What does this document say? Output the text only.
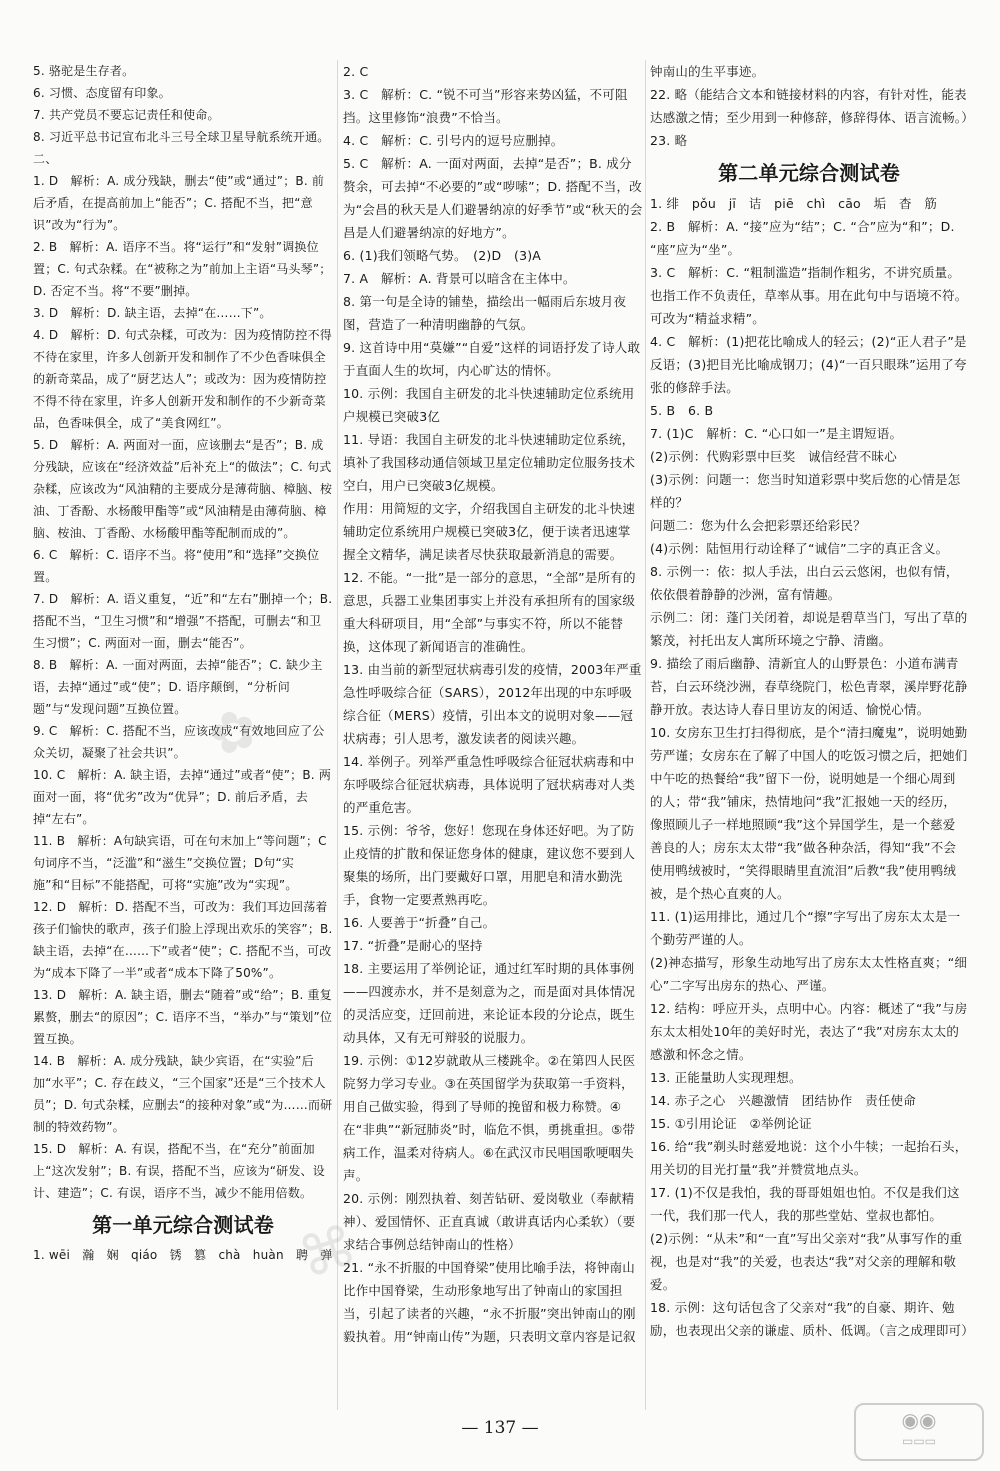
5. 骆驼是生存者。

6. 习惯、态度留有印象。

7. 共产党员不要忘记责任和使命。

8. 习近平总书记宣布北斗三号全球卫星导航系统开通。

二、

1. D　解析：A. 成分残缺，删去“使”或“通过”；B. 前后矛盾，在提高前加上“能否”；C. 搭配不当，把“意识”改为“行为”。

2. B　解析：A. 语序不当。将“运行”和“发射”调换位置；C. 句式杂糅。在“被称之为”前加上主语“马头琴”；D. 否定不当。将“不要”删掉。

3. D　解析：D. 缺主语，去掉“在……下”。

4. D　解析：D. 句式杂糅，可改为：因为疫情防控不得不待在家里，许多人创新开发和制作了不少色香味俱全的新奇菜品，成了“厨艺达人”；或改为：因为疫情防控不得不待在家里，许多人创新开发和制作的不少新奇菜品，色香味俱全，成了“美食网红”。

5. D　解析：A. 两面对一面，应该删去“是否”；B. 成分残缺，应该在“经济效益”后补充上“的做法”；C. 句式杂糅，应该改为“风油精的主要成分是薄荷脑、樟脑、桉油、丁香酚、水杨酸甲酯等”或“风油精是由薄荷脑、樟脑、桉油、丁香酚、水杨酸甲酯等配制而成的”。

6. C　解析：C. 语序不当。将“使用”和“选择”交换位置。

7. D　解析：A. 语义重复，“近”和“左右”删掉一个；B. 搭配不当，“卫生习惯”和“增强”不搭配，可删去“和卫生习惯”；C. 两面对一面，删去“能否”。

8. B　解析：A. 一面对两面，去掉“能否”；C. 缺少主语，去掉“通过”或“使”；D. 语序颠倒，“分析问题”与“发现问题”互换位置。

9. C　解析：C. 搭配不当，应该改成“有效地回应了公众关切，凝聚了社会共识”。

10. C　解析：A. 缺主语，去掉“通过”或者“使”；B. 两面对一面，将“优劣”改为“优异”；D. 前后矛盾，去掉“左右”。

11. B　解析：A句缺宾语，可在句末加上“等问题”；C句词序不当，“泛滥”和“滋生”交换位置；D句“实施”和“目标”不能搭配，可将“实施”改为“实现”。

12. D　解析：D. 搭配不当，可改为：我们耳边回荡着孩子们愉快的歌声，孩子们脸上浮现出欢乐的笑容”；B. 缺主语，去掉“在……下”或者“使”；C. 搭配不当，可改为“成本下降了一半”或者“成本下降了50%”。

13. D　解析：A. 缺主语，删去“随着”或“给”；B. 重复累赘，删去“的原因”；C. 语序不当，“举办”与“策划”位置互换。

14. B　解析：A. 成分残缺，缺少宾语，在“实验”后加“水平”；C. 存在歧义，“三个国家”还是“三个技术人员”；D. 句式杂糅，应删去“的接种对象”或“为……而研制的特效药物”。

15. D　解析：A. 有误，搭配不当，在“充分”前面加上“这次发射”；B. 有误，搭配不当，应该为“研发、设计、建造”；C. 有误，语序不当，减少不能用倍数。

第一单元综合测试卷

1. wēi　瀚　娴　qiáo　锈　篡　chà　huàn　聘　弹

2. C

3. C　解析：C. “锐不可当”形容来势凶猛，不可阻挡。这里修饰“浪费”不恰当。

4. C　解析：C. 引号内的逗号应删掉。

5. C　解析：A. 一面对两面，去掉“是否”；B. 成分赘余，可去掉“不必要的”或“哕嗦”；D. 搭配不当，改为“会昌的秋天是人们避暑纳凉的好季节”或“秋天的会昌是人们避暑纳凉的好地方”。

6. (1)我们领略气势。　(2)D　(3)A

7. A　解析：A. 背景可以暗含在主体中。

8. 第一句是全诗的铺垫，描绘出一幅雨后东坡月夜图，营造了一种清明幽静的气氛。

9. 这首诗中用“莫嫌”“自爱”这样的词语抒发了诗人敢于直面人生的坎坷，内心旷达的情怀。

10. 示例：我国自主研发的北斗快速辅助定位系统用户规模已突破3亿

11. 导语：我国自主研发的北斗快速辅助定位系统，填补了我国移动通信领域卫星定位辅助定位服务技术空白，用户已突破3亿规模。
作用：用简短的文字，介绍我国自主研发的北斗快速辅助定位系统用户规模已突破3亿，便于读者迅速掌握全文精华，满足读者尽快获取最新消息的需要。

12. 不能。“一批”是一部分的意思，“全部”是所有的意思，兵器工业集团事实上并没有承担所有的国家级重大科研项目，用“全部”与事实不符，所以不能替换，这体现了新闻语言的准确性。

13. 由当前的新型冠状病毒引发的疫情，2003年严重急性呼吸综合征（SARS），2012年出现的中东呼吸综合征（MERS）疫情，引出本文的说明对象——冠状病毒；引人思考，激发读者的阅读兴趣。

14. 举例子。列举严重急性呼吸综合征冠状病毒和中东呼吸综合征冠状病毒，具体说明了冠状病毒对人类的严重危害。

15. 示例：爷爷，您好！您现在身体还好吧。为了防止疫情的扩散和保证您身体的健康，建议您不要到人聚集的场所，出门要戴好口罩，用肥皂和清水勤洗手，食物一定要煮熟再吃。

16. 人要善于“折叠”自己。

17. “折叠”是耐心的坚持

18. 主要运用了举例论证，通过红军时期的具体事例——四渡赤水，并不是刻意为之，而是面对具体情况的灵活应变，迂回前进，来论证本段的分论点，既生动具体，又有无可辩驳的说服力。

19. 示例：①12岁就敢从三楼跳伞。②在第四人民医院努力学习专业。③在英国留学为获取第一手资料，用自己做实验，得到了导师的挽留和极力称赞。④在“非典”“新冠肺炎”时，临危不惧，勇挑重担。⑤带病工作，温柔对待病人。⑥在武汉市民唱国歌哽咽失声。

20. 示例：刚烈执着、刻苦钻研、爱岗敬业（奉献精神）、爱国情怀、正直真诚（敢讲真话内心柔软）（要求结合事例总结钟南山的性格）

21. “永不折服的中国脊梁”使用比喻手法，将钟南山比作中国脊梁，生动形象地写出了钟南山的家国担当，引起了读者的兴趣，“永不折服”突出钟南山的刚毅执着。用“钟南山传”为题，只表明文章内容是记叙

钟南山的生平事迹。

22. 略（能结合文本和链接材料的内容，有针对性，能表达感激之情；至少用到一种修辞，修辞得体、语言流畅。）

23. 略

第二单元综合测试卷

1. 绯　pǒu　jī　诘　piē　chì　cāo　垢　杳　筋

2. B　解析：A. “接”应为“结”；C. “合”应为“和”；D. “座”应为“坐”。

3. C　解析：C. “粗制滥造”指制作粗劣，不讲究质量。也指工作不负责任，草率从事。用在此句中与语境不符。可改为“精益求精”。

4. C　解析：(1)把花比喻成人的轻云；(2)“正人君子”是反语；(3)把目光比喻成钢刀；(4)“一百只眼珠”运用了夸张的修辞手法。

5. B　6. B

7. (1)C　解析：C. “心口如一”是主谓短语。
(2)示例：代购彩票中巨奖　诚信经营不昧心
(3)示例：问题一：您当时知道彩票中奖后您的心情是怎样的？
问题二：您为什么会把彩票还给彩民？
(4)示例：陆恒用行动诠释了“诚信”二字的真正含义。

8. 示例一：依：拟人手法，出白云云悠闲，也似有情，依依偎着静静的沙洲，富有情趣。
示例二：闭：蓬门关闭着，却说是碧草当门，写出了草的繁茂，衬托出友人寓所环境之宁静、清幽。

9. 描绘了雨后幽静、清新宜人的山野景色：小道布满青苔，白云环绕沙洲，春草绕院门，松色青翠，溪岸野花静静开放。表达诗人春日里访友的闲适、愉悦心情。

10. 女房东卫生打扫得彻底，是个“清扫魔鬼”，说明她勤劳严谨；女房东在了解了中国人的吃饭习惯之后，把她们中午吃的热餐给“我”留下一份，说明她是一个细心周到的人；带“我”铺床，热情地问“我”汇报她一天的经历，像照顾儿子一样地照顾“我”这个异国学生，是一个慈爱善良的人；房东太太带“我”做各种杂活，得知“我”不会使用鸭绒被时，“笑得眼睛里直流泪”后教“我”使用鸭绒被，是个热心直爽的人。

11. (1)运用排比，通过几个“擦”字写出了房东太太是一个勤劳严谨的人。
(2)神态描写，形象生动地写出了房东太太性格直爽；“细心”二字写出房东的热心、严谨。

12. 结构：呼应开头，点明中心。内容：概述了“我”与房东太太相处10年的美好时光，表达了“我”对房东太太的感激和怀念之情。

13. 正能量助人实现理想。

14. 赤子之心　兴趣激情　团结协作　责任使命

15. ①引用论证　②举例论证

16. 给“我”剃头时慈爱地说：这个小牛犊；一起抬石头，用关切的目光打量“我”并赞赏地点头。

17. (1)不仅是我怕，我的哥哥姐姐也怕。不仅是我们这一代，我们那一代人，我的那些堂姑、堂叔也都怕。
(2)示例：“从未”和“一直”写出父亲对“我”从事写作的重视，也是对“我”的关爱，也表达“我”对父亲的理解和敬爱。

18. 示例：这句话包含了父亲对“我”的自豪、期许、勉励，也表现出父亲的谦虚、质朴、低调。（言之成理即可）

— 137 —
✿
⌘
◉◉
▭▭▭
